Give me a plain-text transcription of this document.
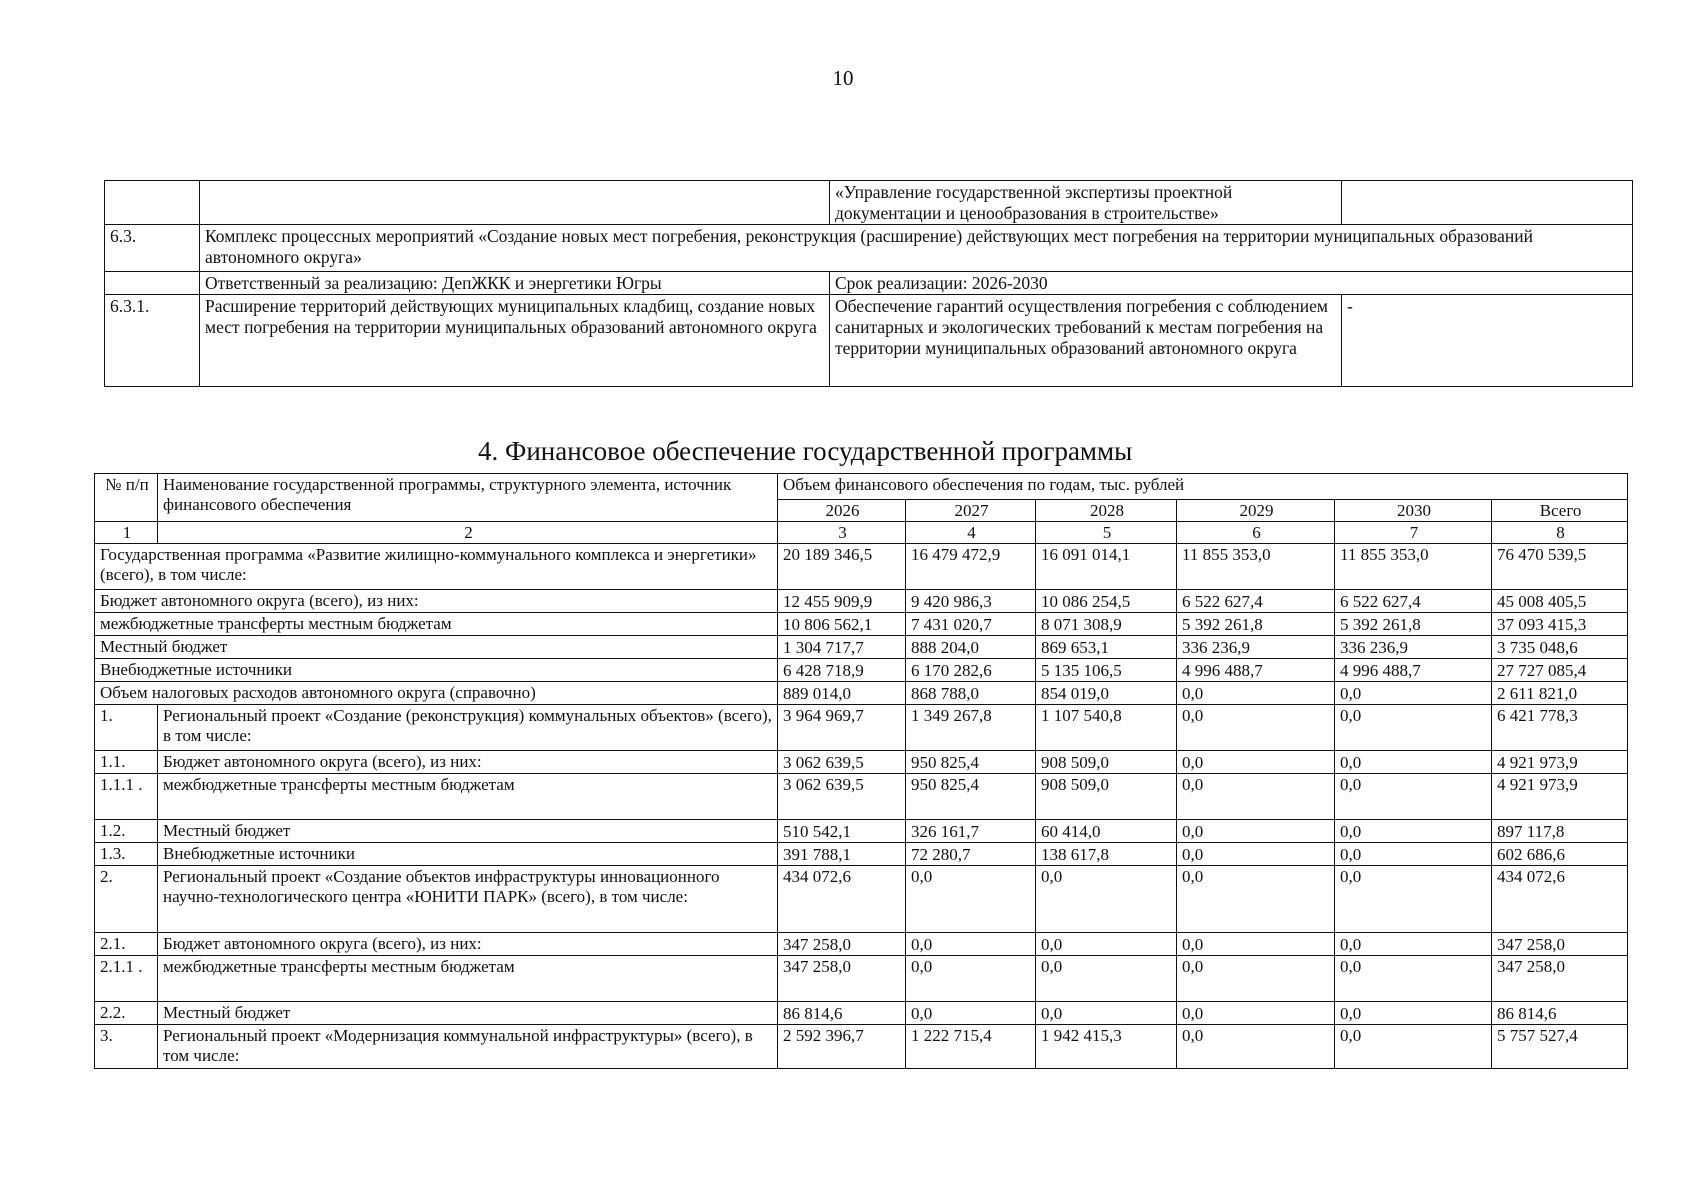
10
		«Управление государственной экспертизы проектной документации и ценообразования в строительстве»	
6.3.	Комплекс процессных мероприятий «Создание новых мест погребения, реконструкция (расширение) действующих мест погребения на территории муниципальных образований автономного округа»		
	Ответственный за реализацию: ДепЖКК и энергетики Югры	Срок реализации: 2026-2030	
6.3.1.	Расширение территорий действующих муниципальных кладбищ, создание новых мест погребения на территории муниципальных образований автономного округа	Обеспечение гарантий осуществления погребения с соблюдением санитарных и экологических требований к местам погребения на территории муниципальных образований автономного округа	-
4. Финансовое обеспечение государственной программы
№ п/п	Наименование государственной программы, структурного элемента, источник финансового обеспечения	Объем финансового обеспечения по годам, тыс. рублей					
		2026	2027	2028	2029	2030	Всего
1	2	3	4	5	6	7	8
Государственная программа «Развитие жилищно-коммунального комплекса и энергетики» (всего), в том числе:		20 189 346,5	16 479 472,9	16 091 014,1	11 855 353,0	11 855 353,0	76 470 539,5
Бюджет автономного округа (всего), из них:		12 455 909,9	9 420 986,3	10 086 254,5	6 522 627,4	6 522 627,4	45 008 405,5
межбюджетные трансферты местным бюджетам		10 806 562,1	7 431 020,7	8 071 308,9	5 392 261,8	5 392 261,8	37 093 415,3
Местный бюджет		1 304 717,7	888 204,0	869 653,1	336 236,9	336 236,9	3 735 048,6
Внебюджетные источники		6 428 718,9	6 170 282,6	5 135 106,5	4 996 488,7	4 996 488,7	27 727 085,4
Объем налоговых расходов автономного округа (справочно)		889 014,0	868 788,0	854 019,0	0,0	0,0	2 611 821,0
1.	Региональный проект «Создание (реконструкция) коммунальных объектов» (всего), в том числе:	3 964 969,7	1 349 267,8	1 107 540,8	0,0	0,0	6 421 778,3
1.1.	Бюджет автономного округа (всего), из них:	3 062 639,5	950 825,4	908 509,0	0,0	0,0	4 921 973,9
1.1.1 .	межбюджетные трансферты местным бюджетам	3 062 639,5	950 825,4	908 509,0	0,0	0,0	4 921 973,9
1.2.	Местный бюджет	510 542,1	326 161,7	60 414,0	0,0	0,0	897 117,8
1.3.	Внебюджетные источники	391 788,1	72 280,7	138 617,8	0,0	0,0	602 686,6
2.	Региональный проект «Создание объектов инфраструктуры инновационного научно-технологического центра «ЮНИТИ ПАРК» (всего), в том числе:	434 072,6	0,0	0,0	0,0	0,0	434 072,6
2.1.	Бюджет автономного округа (всего), из них:	347 258,0	0,0	0,0	0,0	0,0	347 258,0
2.1.1 .	межбюджетные трансферты местным бюджетам	347 258,0	0,0	0,0	0,0	0,0	347 258,0
2.2.	Местный бюджет	86 814,6	0,0	0,0	0,0	0,0	86 814,6
3.	Региональный проект «Модернизация коммунальной инфраструктуры» (всего), в том числе:	2 592 396,7	1 222 715,4	1 942 415,3	0,0	0,0	5 757 527,4
